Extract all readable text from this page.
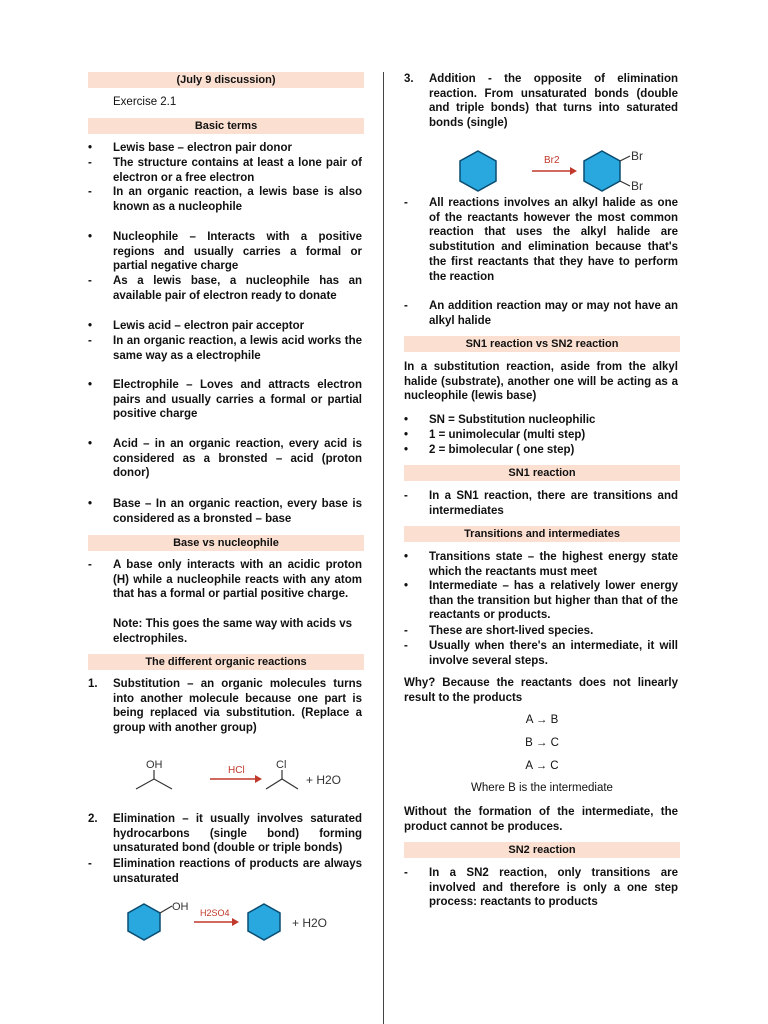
(July 9 discussion)
Exercise 2.1
Basic terms
•	Lewis base – electron pair donor
-	The structure contains at least a lone pair of electron or a free electron
-	In an organic reaction, a lewis base is also known as a nucleophile
•	Nucleophile – Interacts with a positive regions and usually carries a formal or partial negative charge
-	As a lewis base, a nucleophile has an available pair of electron ready to donate
•	Lewis acid – electron pair acceptor
-	In an organic reaction, a lewis acid works the same way as a electrophile
•	Electrophile – Loves and attracts electron pairs and usually carries a formal or partial positive charge
•	Acid – in an organic reaction, every acid is considered as a bronsted – acid (proton donor)
•	Base – In an organic reaction, every base is considered as a bronsted – base
Base vs nucleophile
-	A base only interacts with an acidic proton (H) while a nucleophile reacts with any atom that has a formal or partial positive charge.
Note: This goes the same way with acids vs electrophiles.
The different organic reactions
1.	Substitution – an organic molecules turns into another molecule because one part is being replaced via substitution. (Replace a group with another group)
OH	HCl	Cl
+ H2O
2.	Elimination – it usually involves saturated hydrocarbons (single bond) forming unsaturated bond (double or triple bonds)
-	Elimination reactions of products are always unsaturated
OH H2SO4
+ H2O
3.	Addition - the opposite of elimination reaction. From unsaturated bonds (double and triple bonds) that turns into saturated bonds (single)
Br2	Br
Br
-	All reactions involves an alkyl halide as one of the reactants however the most common reaction that uses the alkyl halide are substitution and elimination because that's the first reactants that they have to perform the reaction
-	An addition reaction may or may not have an alkyl halide
SN1 reaction vs SN2 reaction
In a substitution reaction, aside from the alkyl halide (substrate), another one will be acting as a nucleophile (lewis base)
•	SN = Substitution nucleophilic
•	1 = unimolecular (multi step)
•	2 = bimolecular ( one step)
SN1 reaction
-	In a SN1 reaction, there are transitions and intermediates
Transitions and intermediates
•	Transitions state – the highest energy state which the reactants must meet
•	Intermediate – has a relatively lower energy than the transition but higher than that of the reactants or products.
-	These are short-lived species.
-	Usually when there's an intermediate, it will involve several steps.
Why? Because the reactants does not linearly result to the products
A → B
B → C
A → C
Where B is the intermediate
Without the formation of the intermediate, the product cannot be produces.
SN2 reaction
-	In a SN2 reaction, only transitions are involved and therefore is only a one step process: reactants to products
